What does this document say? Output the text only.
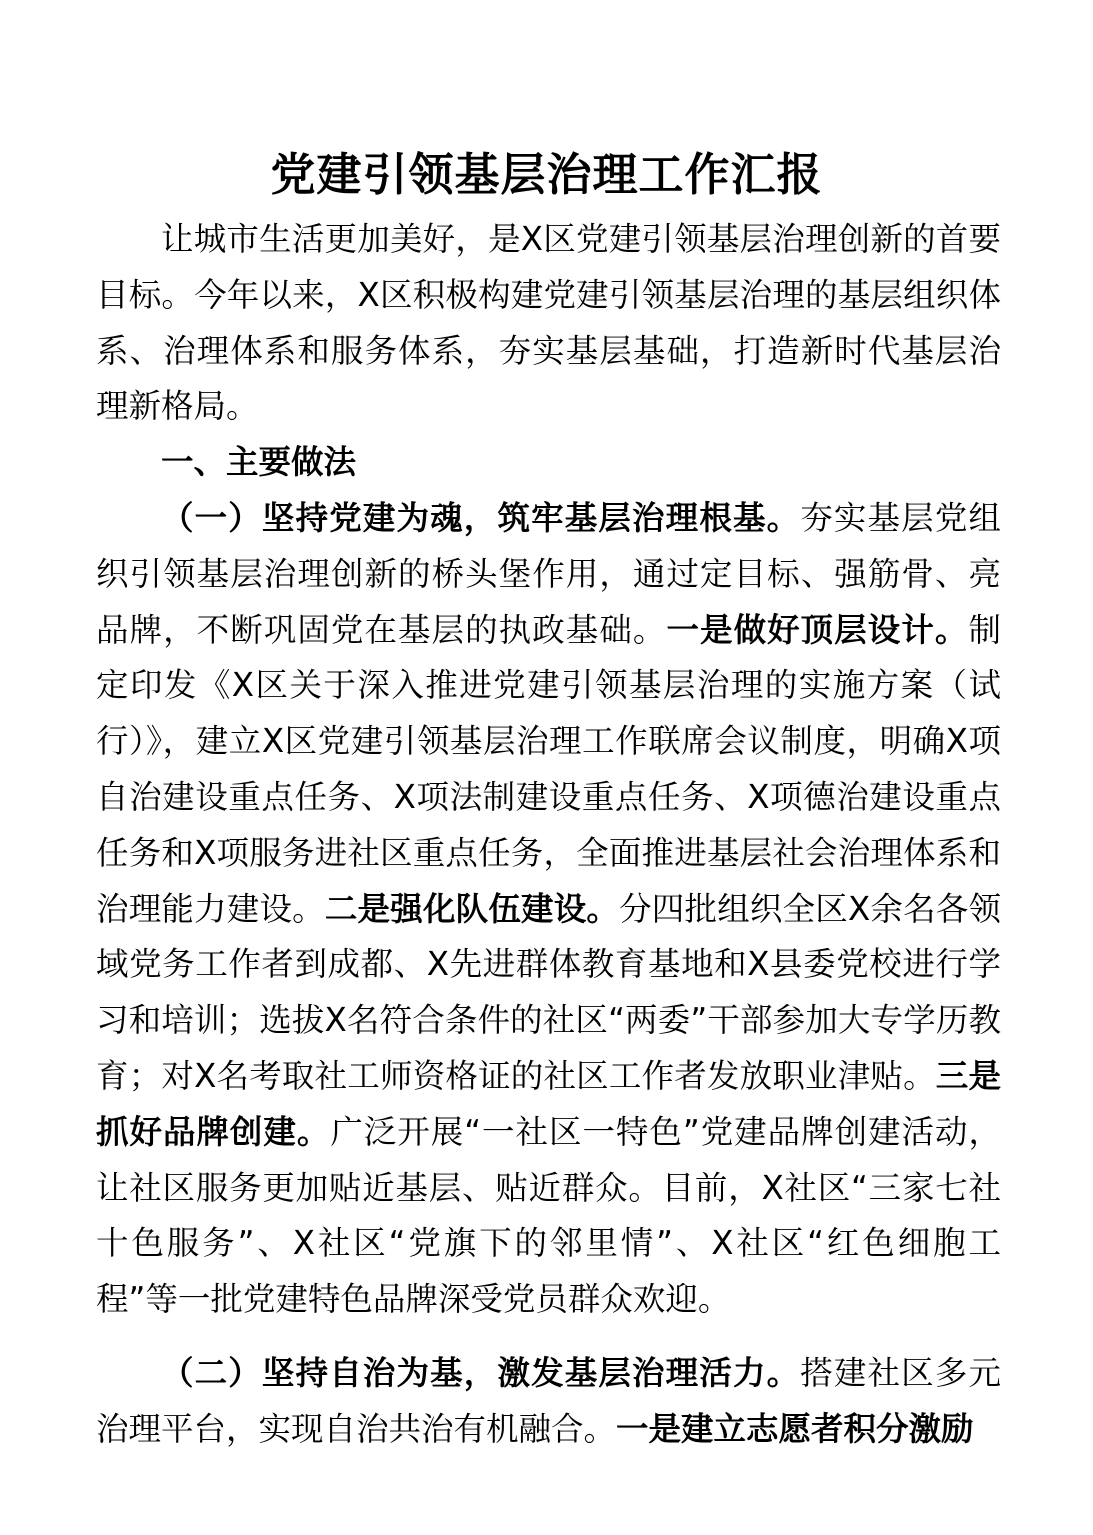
党建引领基层治理工作汇报

让城市生活更加美好，是X区党建引领基层治理创新的首要目标。今年以来，X区积极构建党建引领基层治理的基层组织体系、治理体系和服务体系，夯实基层基础，打造新时代基层治理新格局。

一、主要做法

（一）坚持党建为魂，筑牢基层治理根基。夯实基层党组织引领基层治理创新的桥头堡作用，通过定目标、强筋骨、亮品牌，不断巩固党在基层的执政基础。一是做好顶层设计。制定印发《X区关于深入推进党建引领基层治理的实施方案（试行）》，建立X区党建引领基层治理工作联席会议制度，明确X项自治建设重点任务、X项法制建设重点任务、X项德治建设重点任务和X项服务进社区重点任务，全面推进基层社会治理体系和治理能力建设。二是强化队伍建设。分四批组织全区X余名各领域党务工作者到成都、X先进群体教育基地和X县委党校进行学习和培训；选拔X名符合条件的社区“两委”干部参加大专学历教育；对X名考取社工师资格证的社区工作者发放职业津贴。三是抓好品牌创建。广泛开展“一社区一特色”党建品牌创建活动，让社区服务更加贴近基层、贴近群众。目前，X社区“三家七社十色服务”、X社区“党旗下的邻里情”、X社区“红色细胞工程”等一批党建特色品牌深受党员群众欢迎。

（二）坚持自治为基，激发基层治理活力。搭建社区多元治理平台，实现自治共治有机融合。一是建立志愿者积分激励
